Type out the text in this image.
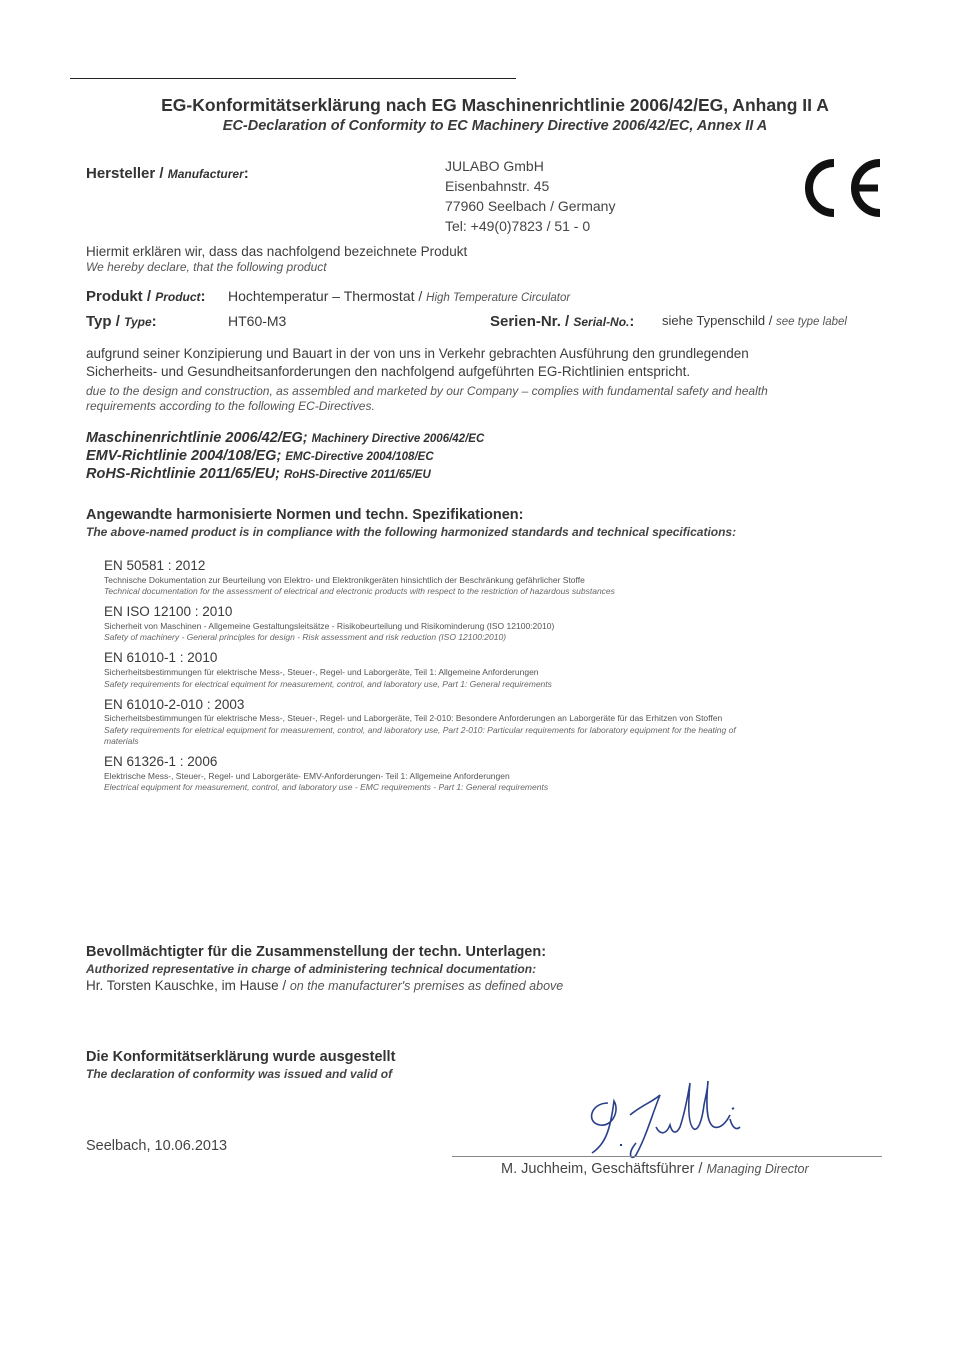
EG-Konformitätserklärung nach EG Maschinenrichtlinie 2006/42/EG, Anhang II A
EC-Declaration of Conformity to EC Machinery Directive 2006/42/EC, Annex II A
Hersteller / Manufacturer:	JULABO GmbH
Eisenbahnstr. 45
77960 Seelbach / Germany
Tel: +49(0)7823 / 51 - 0
Hiermit erklären wir, dass das nachfolgend bezeichnete Produkt
We hereby declare, that the following product
Produkt / Product: Hochtemperatur – Thermostat / High Temperature Circulator
Typ / Type:	HT60-M3	Serien-Nr. / Serial-No.: siehe Typenschild / see type label
aufgrund seiner Konzipierung und Bauart in der von uns in Verkehr gebrachten Ausführung den grundlegenden
Sicherheits- und Gesundheitsanforderungen den nachfolgend aufgeführten EG-Richtlinien entspricht.
due to the design and construction, as assembled and marketed by our Company – complies with fundamental safety and health
requirements according to the following EC-Directives.
Maschinenrichtlinie 2006/42/EG; Machinery Directive 2006/42/EC
EMV-Richtlinie 2004/108/EG; EMC-Directive 2004/108/EC
RoHS-Richtlinie 2011/65/EU; RoHS-Directive 2011/65/EU
Angewandte harmonisierte Normen und techn. Spezifikationen:
The above-named product is in compliance with the following harmonized standards and technical specifications:
EN 50581 : 2012
Technische Dokumentation zur Beurteilung von Elektro- und Elektronikgeräten hinsichtlich der Beschränkung gefährlicher Stoffe
Technical documentation for the assessment of electrical and electronic products with respect to the restriction of hazardous substances
EN ISO 12100 : 2010
Sicherheit von Maschinen - Allgemeine Gestaltungsleitsätze - Risikobeurteilung und Risikominderung (ISO 12100:2010)
Safety of machinery - General principles for design - Risk assessment and risk reduction (ISO 12100:2010)
EN 61010-1 : 2010
Sicherheitsbestimmungen für elektrische Mess-, Steuer-, Regel- und Laborgeräte, Teil 1: Allgemeine Anforderungen
Safety requirements for electrical equiment for measurement, control, and laboratory use, Part 1: General requirements
EN 61010-2-010 : 2003
Sicherheitsbestimmungen für elektrische Mess-, Steuer-, Regel- und Laborgeräte, Teil 2-010: Besondere Anforderungen an Laborgeräte für das Erhitzen von Stoffen
Safety requirements for eletrical equipment for measurement, control, and laboratory use, Part 2-010: Particular requirements for laboratory equipment for the heating of
materials
EN 61326-1 : 2006
Elektrische Mess-, Steuer-, Regel- und Laborgeräte- EMV-Anforderungen- Teil 1: Allgemeine Anforderungen
Electrical equipment for measurement, control, and laboratory use - EMC requirements - Part 1: General requirements
Bevollmächtigter für die Zusammenstellung der techn. Unterlagen:
Authorized representative in charge of administering technical documentation:
Hr. Torsten Kauschke, im Hause / on the manufacturer's premises as defined above
Die Konformitätserklärung wurde ausgestellt
The declaration of conformity was issued and valid of
Seelbach, 10.06.2013
M. Juchheim, Geschäftsführer / Managing Director
